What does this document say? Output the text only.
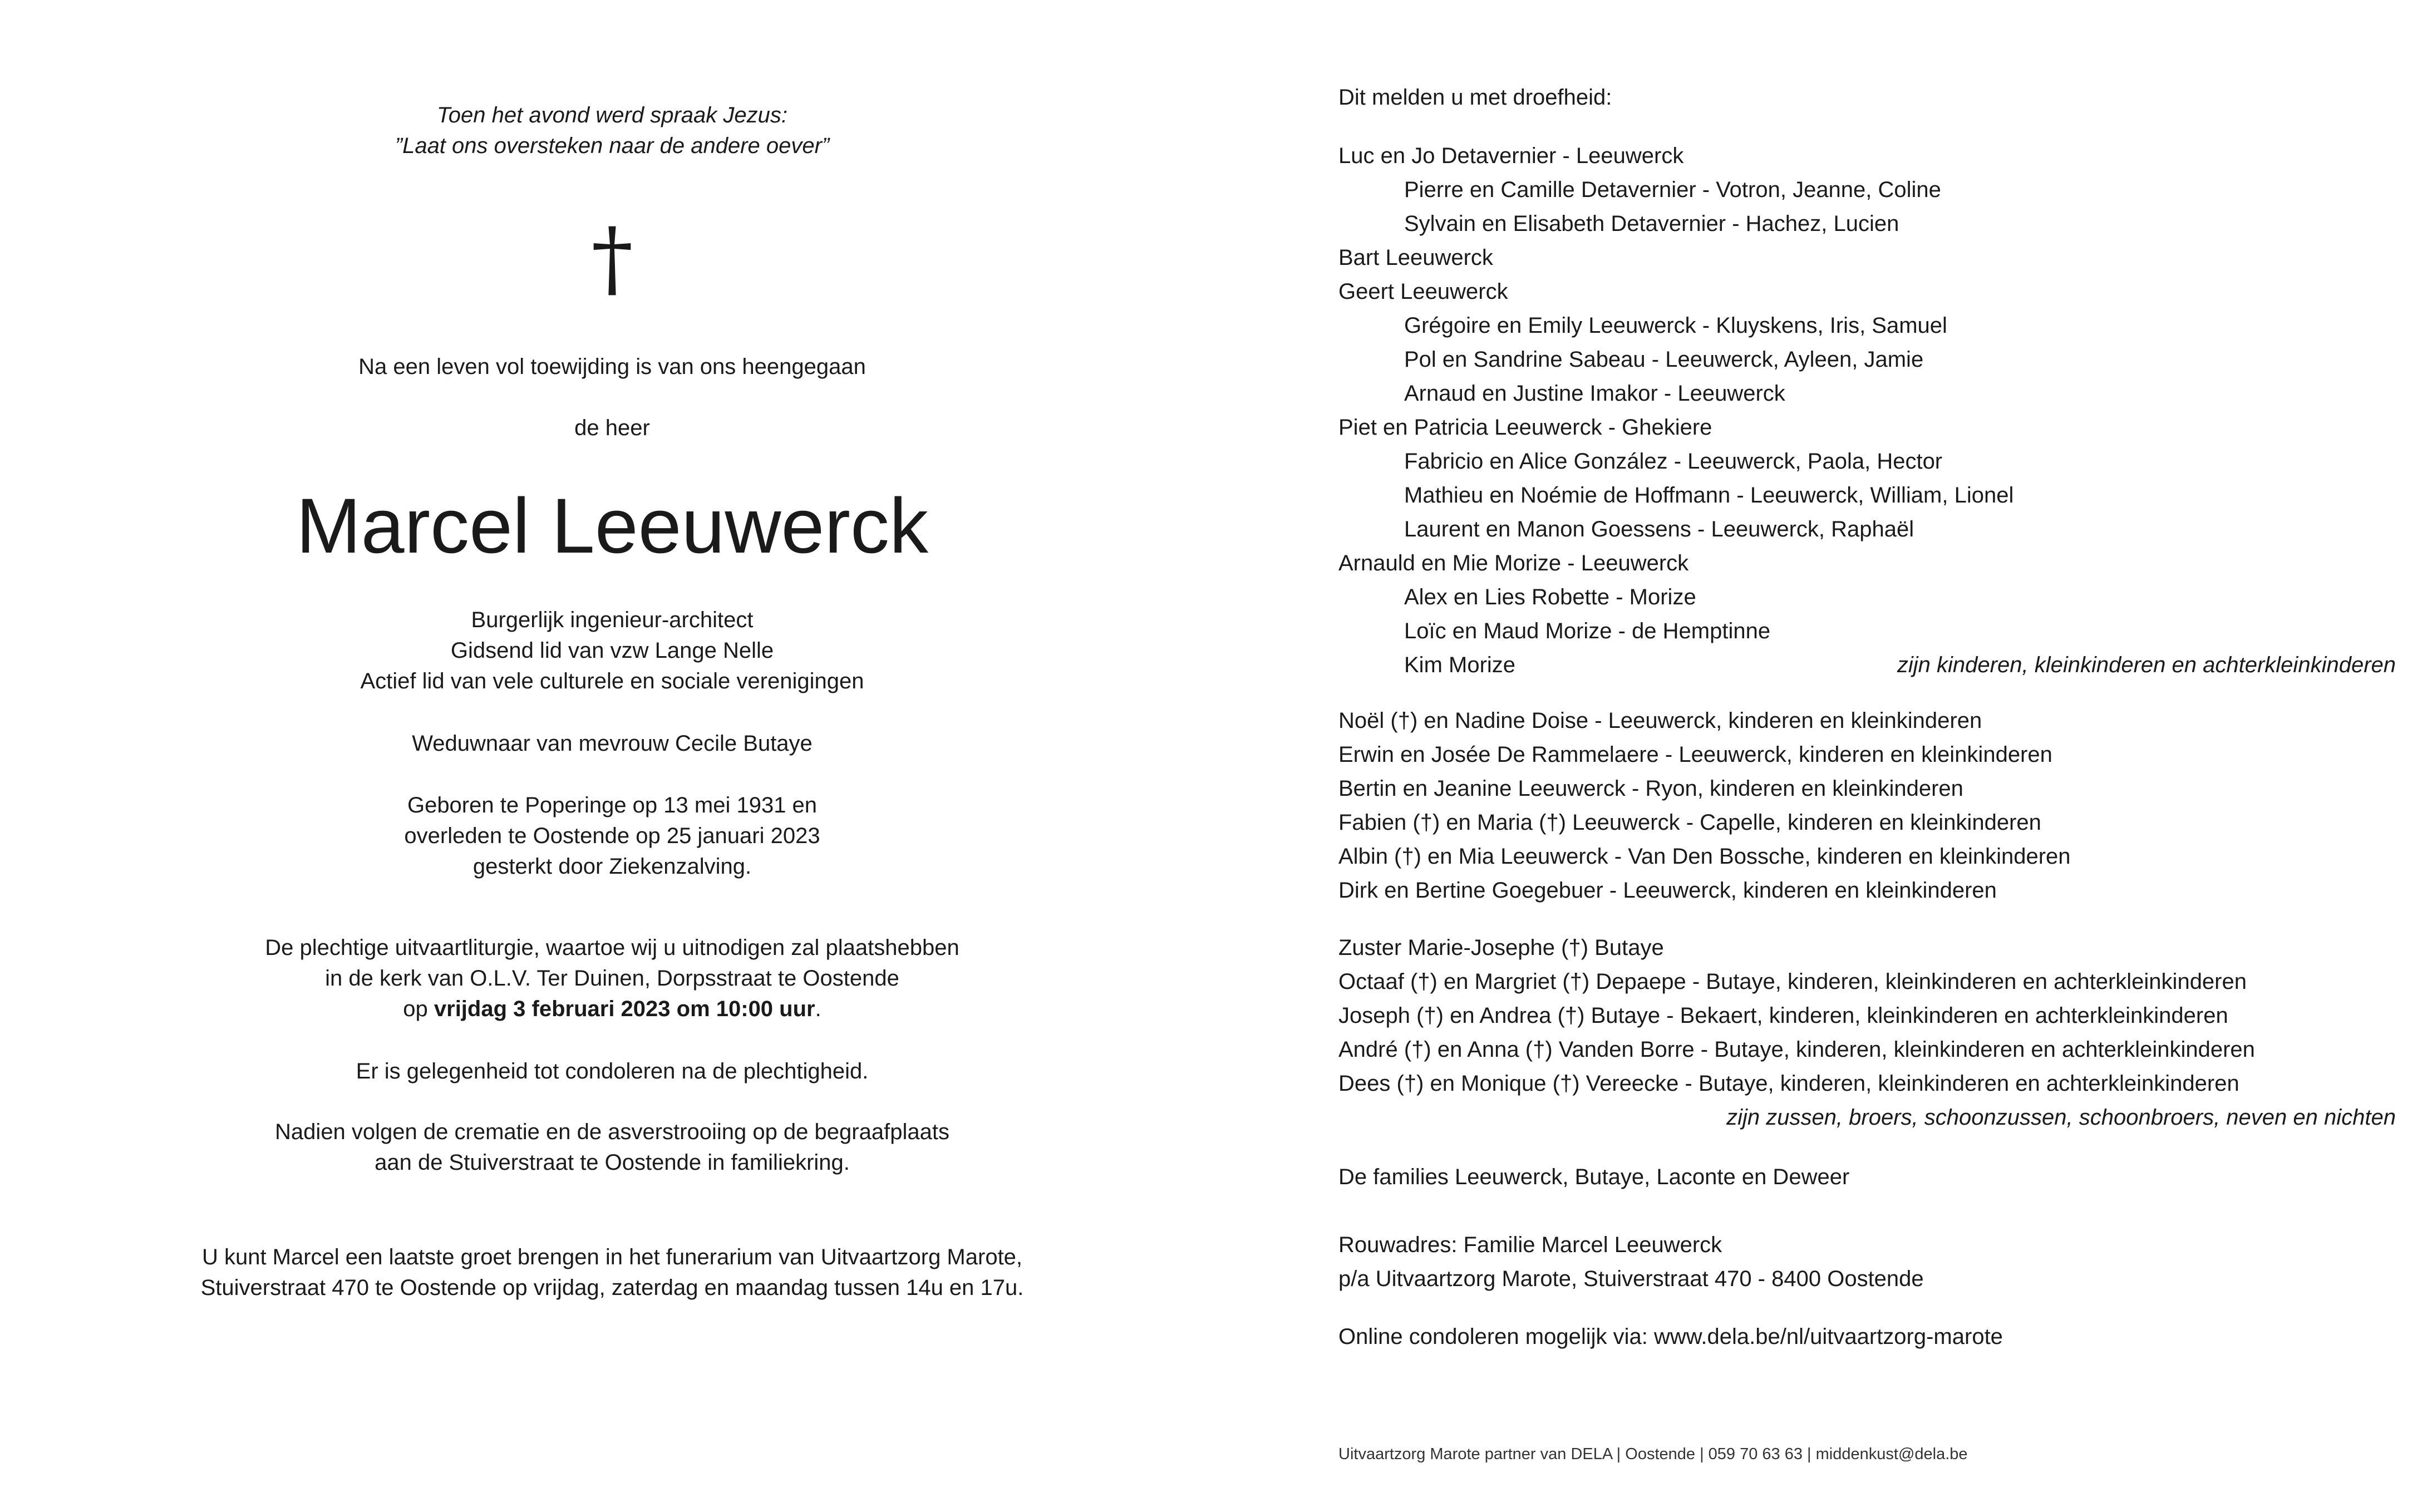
Toen het avond werd spraak Jezus:

”Laat ons oversteken naar de andere oever”

†

Na een leven vol toewijding is van ons heengegaan

de heer

Marcel Leeuwerck

Burgerlijk ingenieur-architect

Gidsend lid van vzw Lange Nelle

Actief lid van vele culturele en sociale verenigingen

Weduwnaar van mevrouw Cecile Butaye

Geboren te Poperinge op 13 mei 1931 en

overleden te Oostende op 25 januari 2023

gesterkt door Ziekenzalving.

De plechtige uitvaartliturgie, waartoe wij u uitnodigen zal plaatshebben

in de kerk van O.L.V. Ter Duinen, Dorpsstraat te Oostende

op vrijdag 3 februari 2023 om 10:00 uur.

Er is gelegenheid tot condoleren na de plechtigheid.

Nadien volgen de crematie en de asverstrooiing op de begraafplaats

aan de Stuiverstraat te Oostende in familiekring.

U kunt Marcel een laatste groet brengen in het funerarium van Uitvaartzorg Marote,

Stuiverstraat 470 te Oostende op vrijdag, zaterdag en maandag tussen 14u en 17u.

Dit melden u met droefheid:

Luc en Jo Detavernier - Leeuwerck

Pierre en Camille Detavernier - Votron, Jeanne, Coline

Sylvain en Elisabeth Detavernier - Hachez, Lucien

Bart Leeuwerck

Geert Leeuwerck

Grégoire en Emily Leeuwerck - Kluyskens, Iris, Samuel

Pol en Sandrine Sabeau - Leeuwerck, Ayleen, Jamie

Arnaud en Justine Imakor - Leeuwerck

Piet en Patricia Leeuwerck - Ghekiere

Fabricio en Alice González - Leeuwerck, Paola, Hector

Mathieu en Noémie de Hoffmann - Leeuwerck, William, Lionel

Laurent en Manon Goessens - Leeuwerck, Raphaël

Arnauld en Mie Morize - Leeuwerck

Alex en Lies Robette - Morize

Loïc en Maud Morize - de Hemptinne

Kim Morize	zijn kinderen, kleinkinderen en achterkleinkinderen

Noël (†) en Nadine Doise - Leeuwerck, kinderen en kleinkinderen

Erwin en Josée De Rammelaere - Leeuwerck, kinderen en kleinkinderen

Bertin en Jeanine Leeuwerck - Ryon, kinderen en kleinkinderen

Fabien (†) en Maria (†) Leeuwerck - Capelle, kinderen en kleinkinderen

Albin (†) en Mia Leeuwerck - Van Den Bossche, kinderen en kleinkinderen

Dirk en Bertine Goegebuer - Leeuwerck, kinderen en kleinkinderen

Zuster Marie-Josephe (†) Butaye

Octaaf (†) en Margriet (†) Depaepe - Butaye, kinderen, kleinkinderen en achterkleinkinderen

Joseph (†) en Andrea (†) Butaye - Bekaert, kinderen, kleinkinderen en achterkleinkinderen

André (†) en Anna (†) Vanden Borre - Butaye, kinderen, kleinkinderen en achterkleinkinderen

Dees (†) en Monique (†) Vereecke - Butaye, kinderen, kleinkinderen en achterkleinkinderen

zijn zussen, broers, schoonzussen, schoonbroers, neven en nichten

De families Leeuwerck, Butaye, Laconte en Deweer

Rouwadres: Familie Marcel Leeuwerck

p/a Uitvaartzorg Marote, Stuiverstraat 470 - 8400 Oostende

Online condoleren mogelijk via: www.dela.be/nl/uitvaartzorg-marote

Uitvaartzorg Marote partner van DELA | Oostende | 059 70 63 63 | middenkust@dela.be
